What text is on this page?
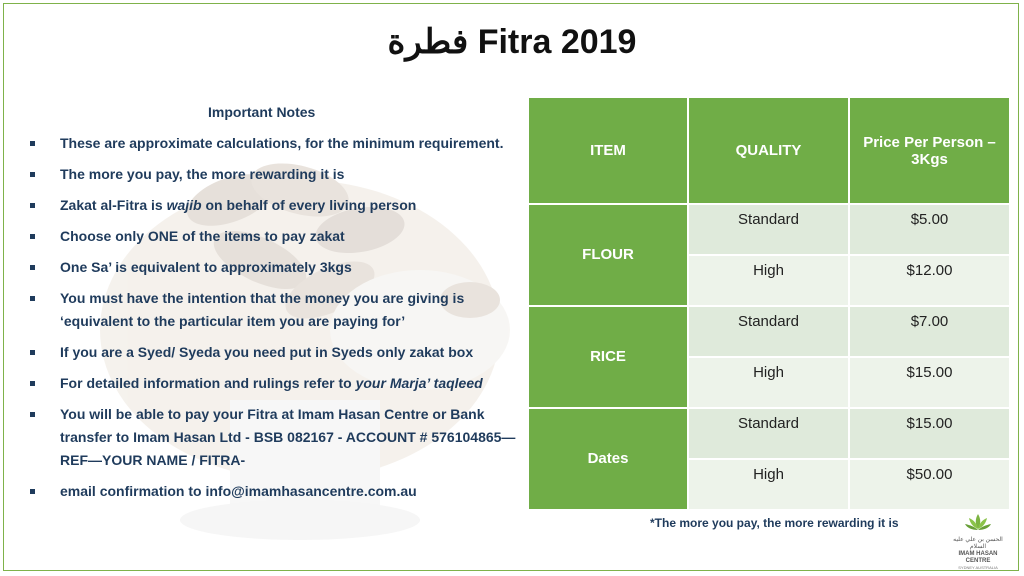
فطرة Fitra 2019
Important Notes
These are approximate calculations, for the minimum requirement.
The more you pay, the more rewarding it is
Zakat al-Fitra is wajib on behalf of every living person
Choose only ONE of the items to pay zakat
One Sa’ is equivalent to approximately 3kgs
You must have the intention that the money you are giving is ‘equivalent to the particular item you are paying for’
If you are a Syed/ Syeda you need put in Syeds only zakat box
For detailed information and rulings refer to your Marja’ taqleed
You will be able to pay your Fitra at Imam Hasan Centre or Bank transfer to Imam Hasan Ltd - BSB 082167 - ACCOUNT # 576104865—REF—YOUR NAME / FITRA-
email confirmation to info@imamhasancentre.com.au
ITEM	QUALITY	Price Per Person – 3Kgs
FLOUR	Standard	$5.00
	High	$12.00
RICE	Standard	$7.00
	High	$15.00
Dates	Standard	$15.00
	High	$50.00
*The more you pay, the more rewarding it is
الحسن بن علي عليه السلام
IMAM HASAN CENTRE
SYDNEY AUSTRALIA
